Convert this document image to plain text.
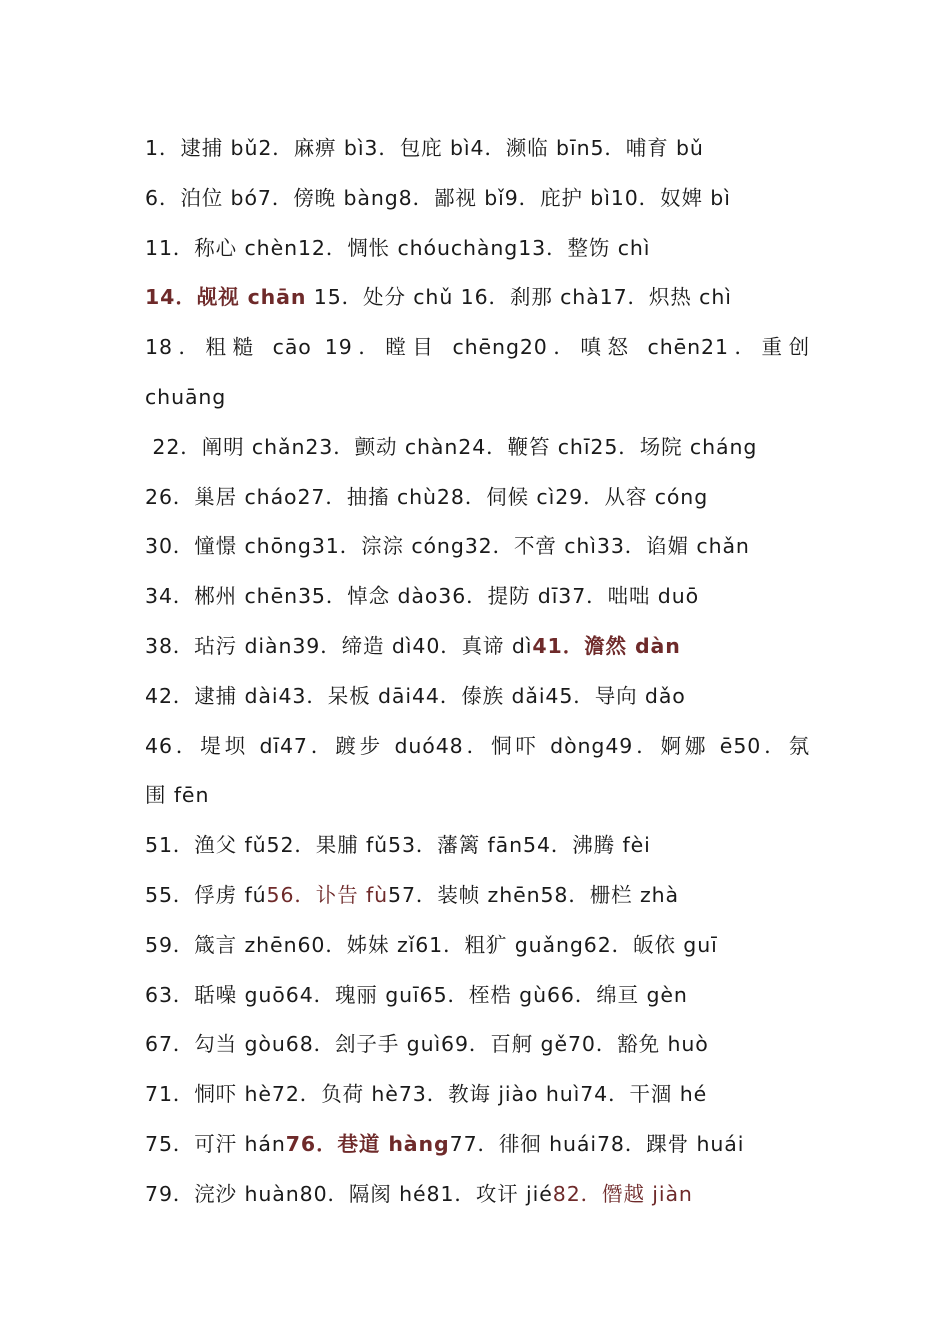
1．逮捕 bǔ2．麻痹 bì3．包庇 bì4．濒临 bīn5．哺育 bǔ
6．泊位 bó7．傍晚 bàng8．鄙视 bǐ9．庇护 bì10．奴婢 bì
11．称心 chèn12．惆怅 chóuchàng13．整饬 chì
14．觇视 chān 15．处分 chǔ 16．刹那 chà17．炽热 chì
18．粗糙 cāo 19．瞠目 chēng20．嗔怒 chēn21．重创
chuāng
22．阐明 chǎn23．颤动 chàn24．鞭笞 chī25．场院 cháng
26．巢居 cháo27．抽搐 chù28．伺候 cì29．从容 cóng
30．憧憬 chōng31．淙淙 cóng32．不啻 chì33．谄媚 chǎn
34．郴州 chēn35．悼念 dào36．提防 dī37．咄咄 duō
38．玷污 diàn39．缔造 dì40．真谛 dì41．澹然 dàn
42．逮捕 dài43．呆板 dāi44．傣族 dǎi45．导向 dǎo
46．堤坝 dī47．踱步 duó48．恫吓 dòng49．婀娜 ē50．氛
围 fēn
51．渔父 fǔ52．果脯 fǔ53．藩篱 fān54．沸腾 fèi
55．俘虏 fú56．讣告 fù57．装帧 zhēn58．栅栏 zhà
59．箴言 zhēn60．姊妹 zǐ61．粗犷 guǎng62．皈依 guī
63．聒噪 guō64．瑰丽 guī65．桎梏 gù66．绵亘 gèn
67．勾当 gòu68．刽子手 guì69．百舸 gě70．豁免 huò
71．恫吓 hè72．负荷 hè73．教诲 jiào huì74．干涸 hé
75．可汗 hán76．巷道 hàng77．徘徊 huái78．踝骨 huái
79．浣沙 huàn80．隔阂 hé81．攻讦 jié82．僭越 jiàn
